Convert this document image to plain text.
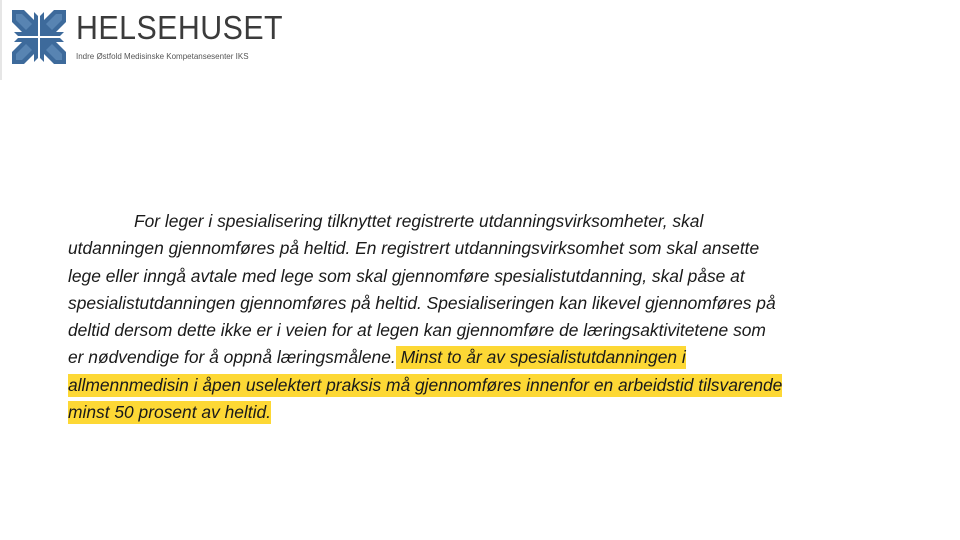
HELSEHUSET
Indre Østfold Medisinske Kompetansesenter IKS
For leger i spesialisering tilknyttet registrerte utdanningsvirksomheter, skal
utdanningen gjennomføres på heltid. En registrert utdanningsvirksomhet som skal ansette
lege eller inngå avtale med lege som skal gjennomføre spesialistutdanning, skal påse at
spesialistutdanningen gjennomføres på heltid. Spesialiseringen kan likevel gjennomføres på
deltid dersom dette ikke er i veien for at legen kan gjennomføre de læringsaktivitetene som
er nødvendige for å oppnå læringsmålene. Minst to år av spesialistutdanningen i
allmennmedisin i åpen uselektert praksis må gjennomføres innenfor en arbeidstid tilsvarende
minst 50 prosent av heltid.
